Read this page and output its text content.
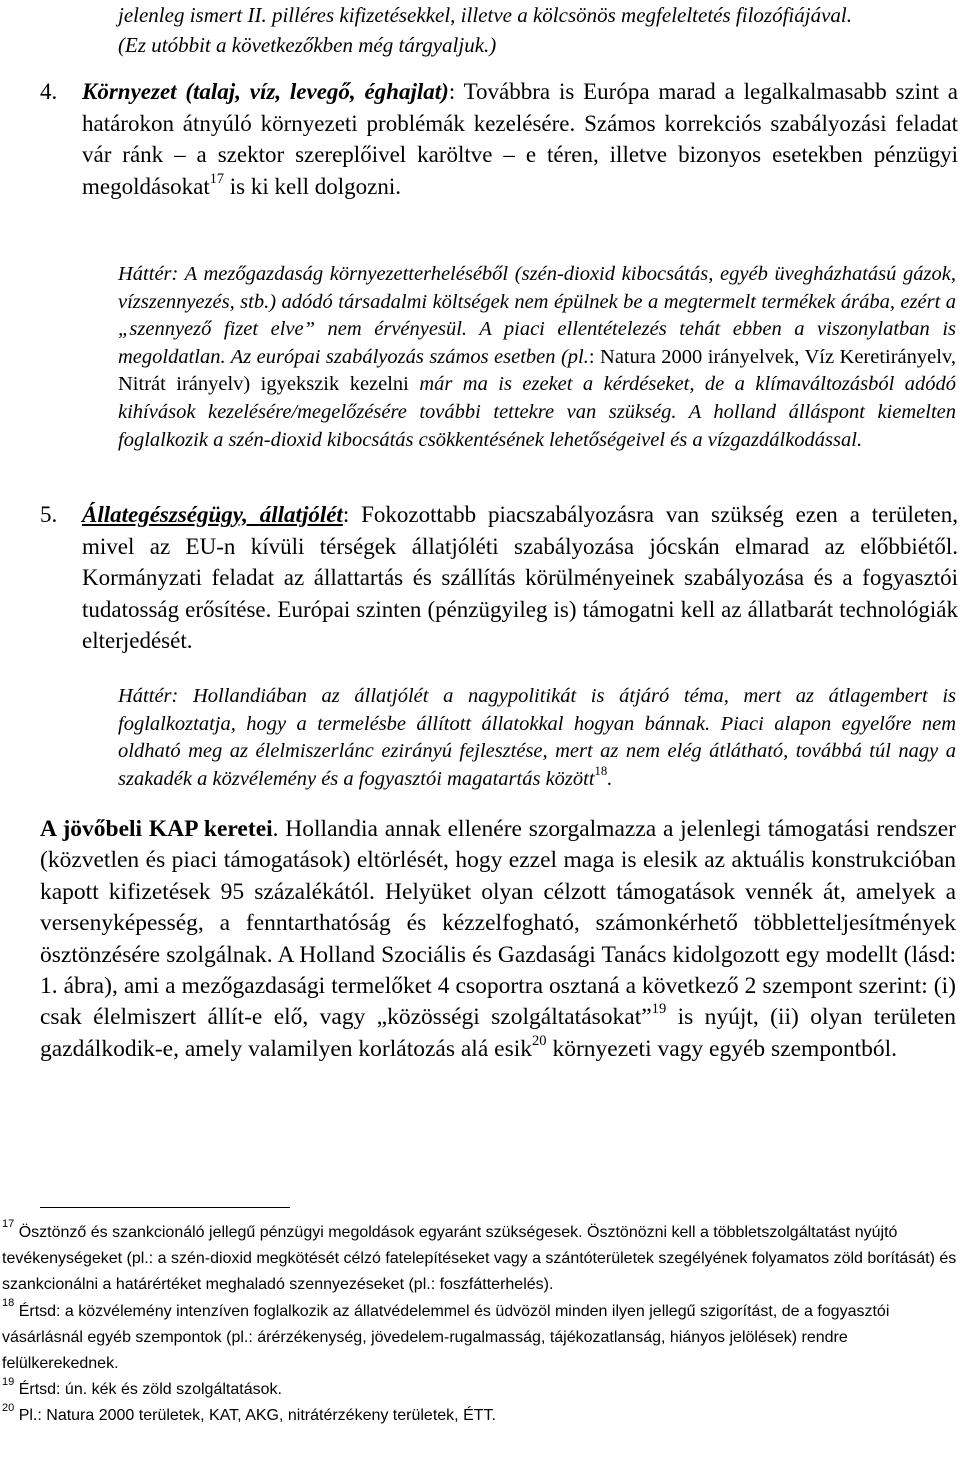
jelenleg ismert II. pilléres kifizetésekkel, illetve a kölcsönös megfeleltetés filozófiájával.
(Ez utóbbit a következőkben még tárgyaljuk.)
4. Környezet (talaj, víz, levegő, éghajlat): Továbbra is Európa marad a legalkalmasabb szint a határokon átnyúló környezeti problémák kezelésére. Számos korrekciós szabályozási feladat vár ránk – a szektor szereplőivel karöltve – e téren, illetve bizonyos esetekben pénzügyi megoldásokat$^{17}$ is ki kell dolgozni.
Háttér: A mezőgazdaság környezetterheléséből (szén-dioxid kibocsátás, egyéb üvegházhatású gázok, vízszennyezés, stb.) adódó társadalmi költségek nem épülnek be a megtermelt termékek árába, ezért a „szennyező fizet elve” nem érvényesül. A piaci ellentételezés tehát ebben a viszonylatban is megoldatlan. Az európai szabályozás számos esetben (pl.: Natura 2000 irányelvek, Víz Keretirányelv, Nitrát irányelv) igyekszik kezelni már ma is ezeket a kérdéseket, de a klímaváltozásból adódó kihívások kezelésére/megelőzésére további tettekre van szükség. A holland álláspont kiemelten foglalkozik a szén-dioxid kibocsátás csökkentésének lehetőségeivel és a vízgazdálkodással.
5. Állategészségügy, állatjólét: Fokozottabb piacszabályozásra van szükség ezen a területen, mivel az EU-n kívüli térségek állatjóléti szabályozása jócskán elmarad az előbbiétől. Kormányzati feladat az állattartás és szállítás körülményeinek szabályozása és a fogyasztói tudatosság erősítése. Európai szinten (pénzügyileg is) támogatni kell az állatbarát technológiák elterjedését.
Háttér: Hollandiában az állatjólét a nagypolitikát is átjáró téma, mert az átlagembert is foglalkoztatja, hogy a termelésbe állított állatokkal hogyan bánnak. Piaci alapon egyelőre nem oldható meg az élelmiszerlánc ezirányú fejlesztése, mert az nem elég átlátható, továbbá túl nagy a szakadék a közvélemény és a fogyasztói magatartás között$^{18}$.
A jövőbeli KAP keretei. Hollandia annak ellenére szorgalmazza a jelenlegi támogatási rendszer (közvetlen és piaci támogatások) eltörlését, hogy ezzel maga is elesik az aktuális konstrukcióban kapott kifizetések 95 százalékától. Helyüket olyan célzott támogatások vennék át, amelyek a versenyképesség, a fenntarthatóság és kézzelfogható, számonkérhető többletteljesítmények ösztönzésére szolgálnak. A Holland Szociális és Gazdasági Tanács kidolgozott egy modellt (lásd: 1. ábra), ami a mezőgazdasági termelőket 4 csoportra osztaná a következő 2 szempont szerint: (i) csak élelmiszert állít-e elő, vagy „közösségi szolgáltatásokat”$^{19}$ is nyújt, (ii) olyan területen gazdálkodik-e, amely valamilyen korlátozás alá esik$^{20}$ környezeti vagy egyéb szempontból.

$^{17}$ Ösztönző és szankcionáló jellegű pénzügyi megoldások egyaránt szükségesek. Ösztönözni kell a többletszolgáltatást nyújtó tevékenységeket (pl.: a szén-dioxid megkötését célzó fatelepítéseket vagy a szántóterületek szegélyének folyamatos zöld borítását) és szankcionálni a határértéket meghaladó szennyezéseket (pl.: foszfátterhelés).

$^{18}$ Értsd: a közvélemény intenzíven foglalkozik az állatvédelemmel és üdvözöl minden ilyen jellegű szigorítást, de a fogyasztói vásárlásnál egyéb szempontok (pl.: árérzékenység, jövedelem-rugalmasság, tájékozatlanság, hiányos jelölések) rendre felülkerekednek.

$^{19}$ Értsd: ún. kék és zöld szolgáltatások.

$^{20}$ Pl.: Natura 2000 területek, KAT, AKG, nitrátérzékeny területek, ÉTT.
